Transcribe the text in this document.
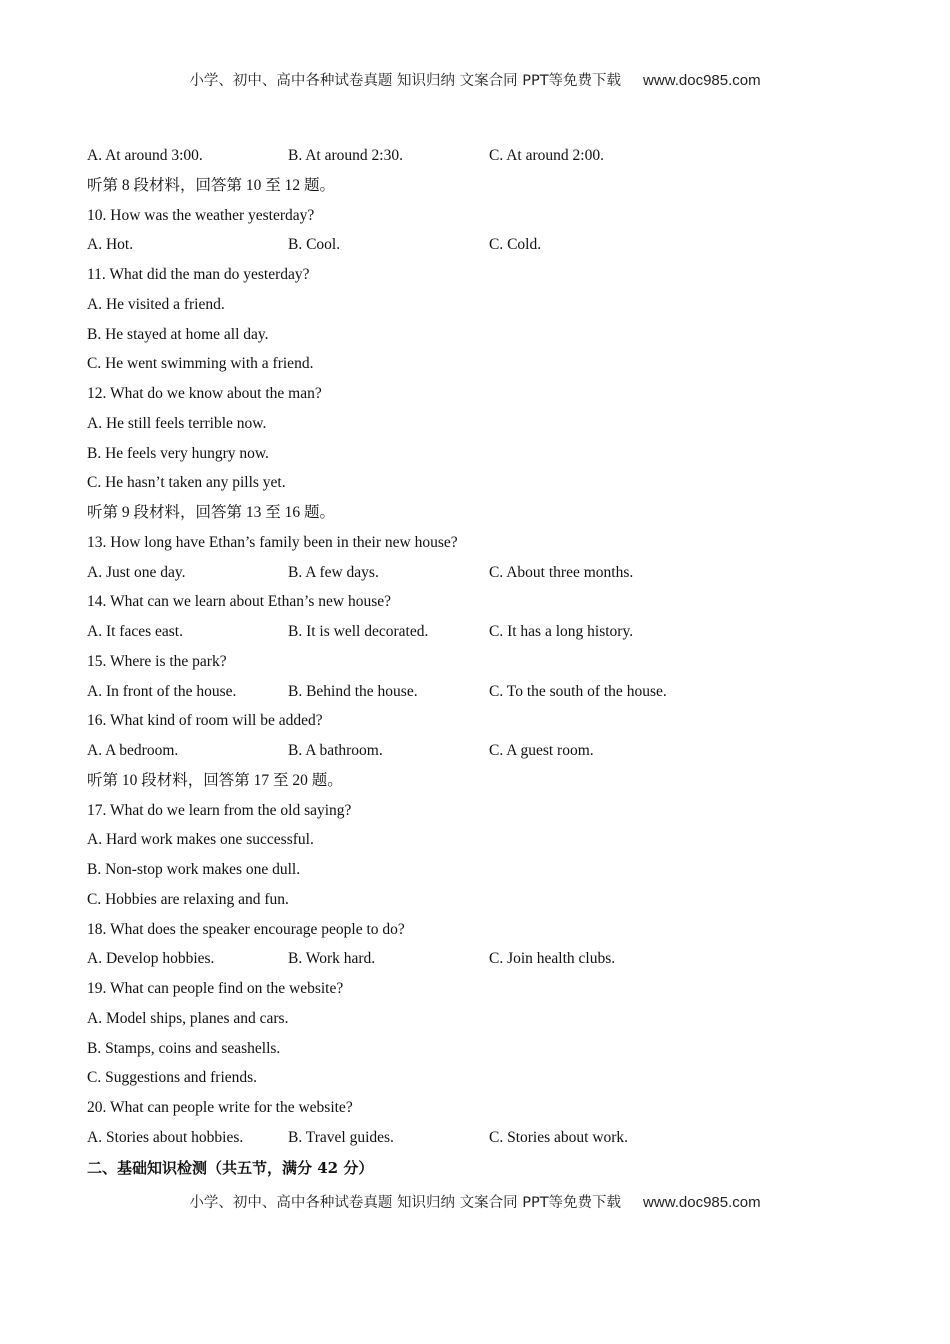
小学、初中、高中各种试卷真题 知识归纳 文案合同 PPT等免费下载 www.doc985.com
A. At around 3:00.	B. At around 2:30.	C. At around 2:00.
听第 8 段材料，回答第 10 至 12 题。
10. How was the weather yesterday?
A. Hot.	B. Cool.	C. Cold.
11. What did the man do yesterday?
A. He visited a friend.
B. He stayed at home all day.
C. He went swimming with a friend.
12. What do we know about the man?
A. He still feels terrible now.
B. He feels very hungry now.
C. He hasn’t taken any pills yet.
听第 9 段材料，回答第 13 至 16 题。
13. How long have Ethan’s family been in their new house?
A. Just one day.	B. A few days.	C. About three months.
14. What can we learn about Ethan’s new house?
A. It faces east.	B. It is well decorated.	C. It has a long history.
15. Where is the park?
A. In front of the house.	B. Behind the house.	C. To the south of the house.
16. What kind of room will be added?
A. A bedroom.	B. A bathroom.	C. A guest room.
听第 10 段材料，回答第 17 至 20 题。
17. What do we learn from the old saying?
A. Hard work makes one successful.
B. Non-stop work makes one dull.
C. Hobbies are relaxing and fun.
18. What does the speaker encourage people to do?
A. Develop hobbies.	B. Work hard.	C. Join health clubs.
19. What can people find on the website?
A. Model ships, planes and cars.
B. Stamps, coins and seashells.
C. Suggestions and friends.
20. What can people write for the website?
A. Stories about hobbies.	B. Travel guides.	C. Stories about work.
二、基础知识检测（共五节，满分 42 分）
小学、初中、高中各种试卷真题 知识归纳 文案合同 PPT等免费下载 www.doc985.com
